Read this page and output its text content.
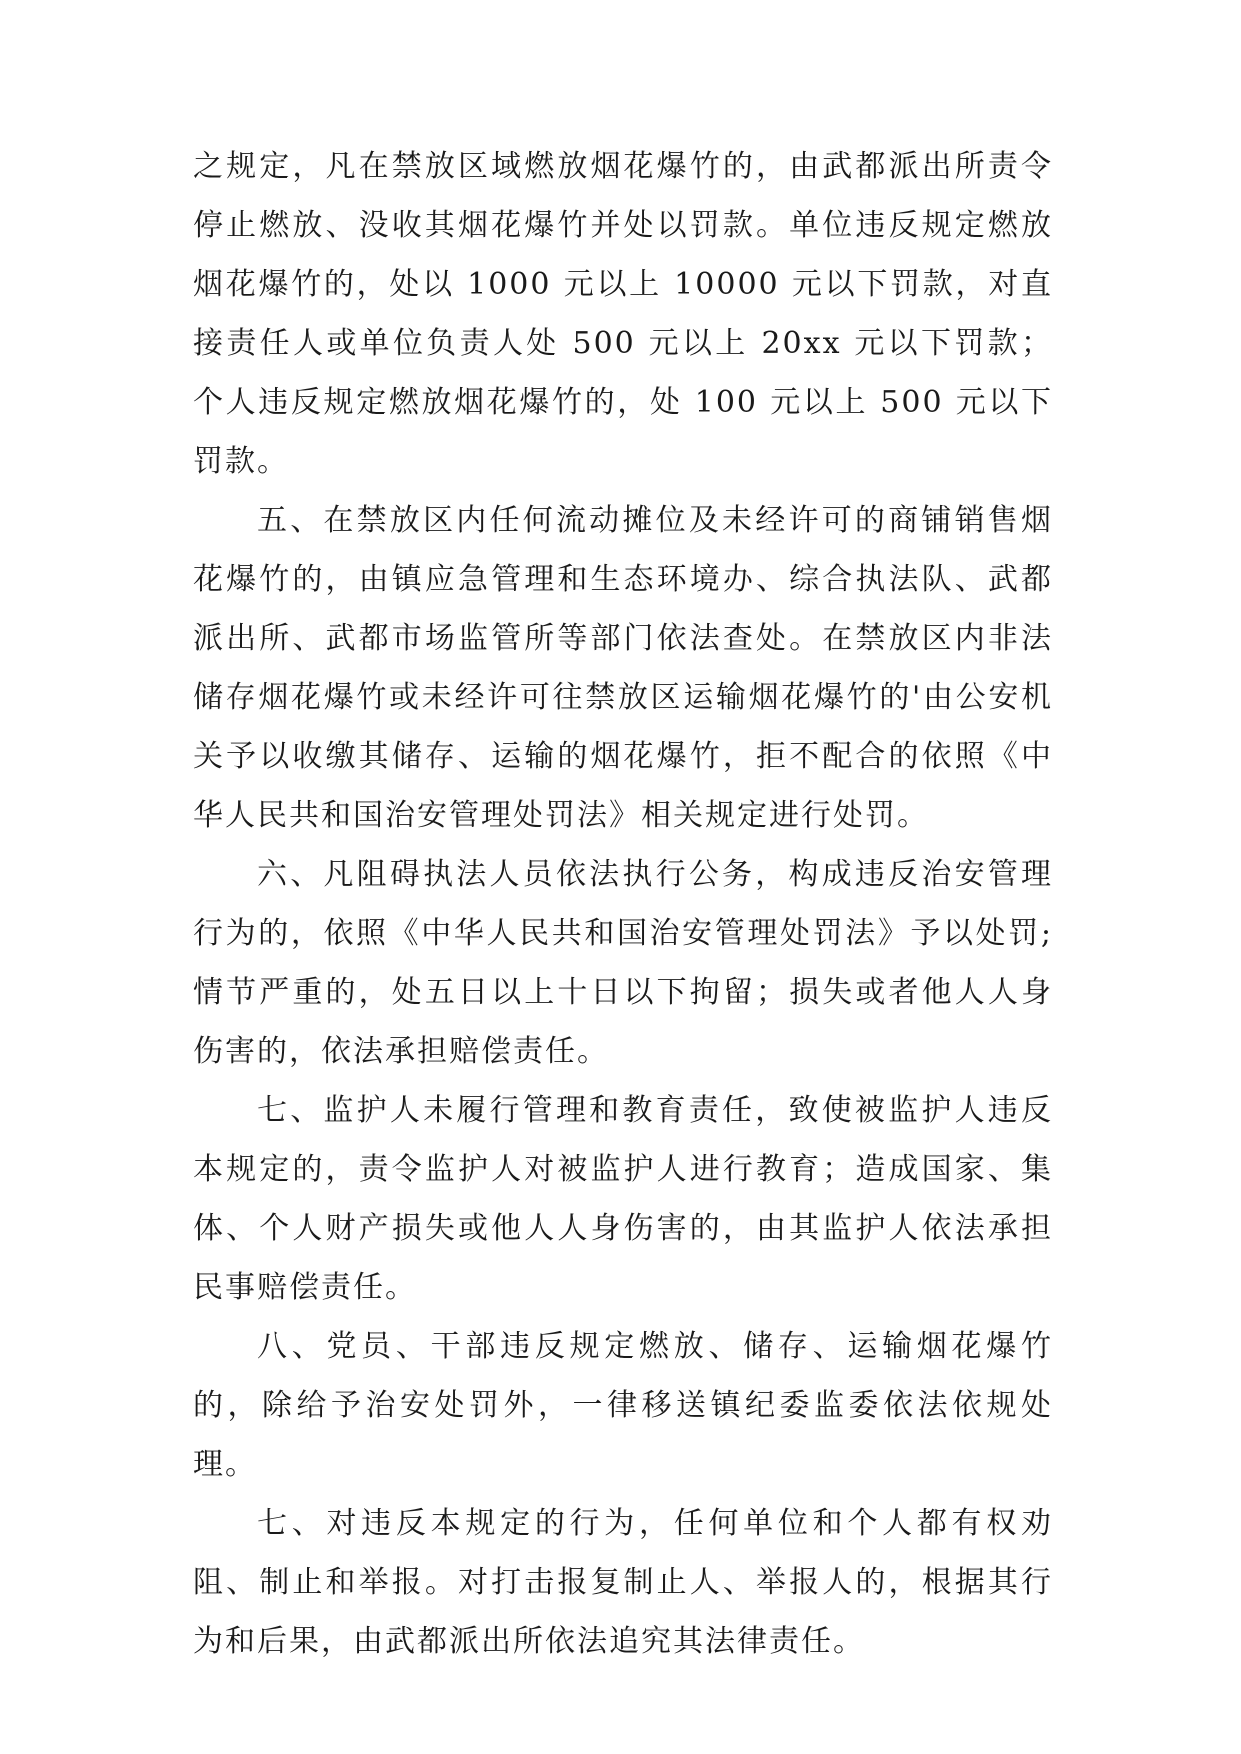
之规定，凡在禁放区域燃放烟花爆竹的，由武都派出所责令停止燃放、没收其烟花爆竹并处以罚款。单位违反规定燃放烟花爆竹的，处以 1000 元以上 10000 元以下罚款，对直接责任人或单位负责人处 500 元以上 20xx 元以下罚款；个人违反规定燃放烟花爆竹的，处 100 元以上 500 元以下罚款。

五、在禁放区内任何流动摊位及未经许可的商铺销售烟花爆竹的，由镇应急管理和生态环境办、综合执法队、武都派出所、武都市场监管所等部门依法查处。在禁放区内非法储存烟花爆竹或未经许可往禁放区运输烟花爆竹的'由公安机关予以收缴其储存、运输的烟花爆竹，拒不配合的依照《中华人民共和国治安管理处罚法》相关规定进行处罚。

六、凡阻碍执法人员依法执行公务，构成违反治安管理行为的，依照《中华人民共和国治安管理处罚法》予以处罚;情节严重的，处五日以上十日以下拘留；损失或者他人人身伤害的，依法承担赔偿责任。

七、监护人未履行管理和教育责任，致使被监护人违反本规定的，责令监护人对被监护人进行教育；造成国家、集体、个人财产损失或他人人身伤害的，由其监护人依法承担民事赔偿责任。

八、党员、干部违反规定燃放、储存、运输烟花爆竹的，除给予治安处罚外，一律移送镇纪委监委依法依规处理。

七、对违反本规定的行为，任何单位和个人都有权劝阻、制止和举报。对打击报复制止人、举报人的，根据其行为和后果，由武都派出所依法追究其法律责任。
